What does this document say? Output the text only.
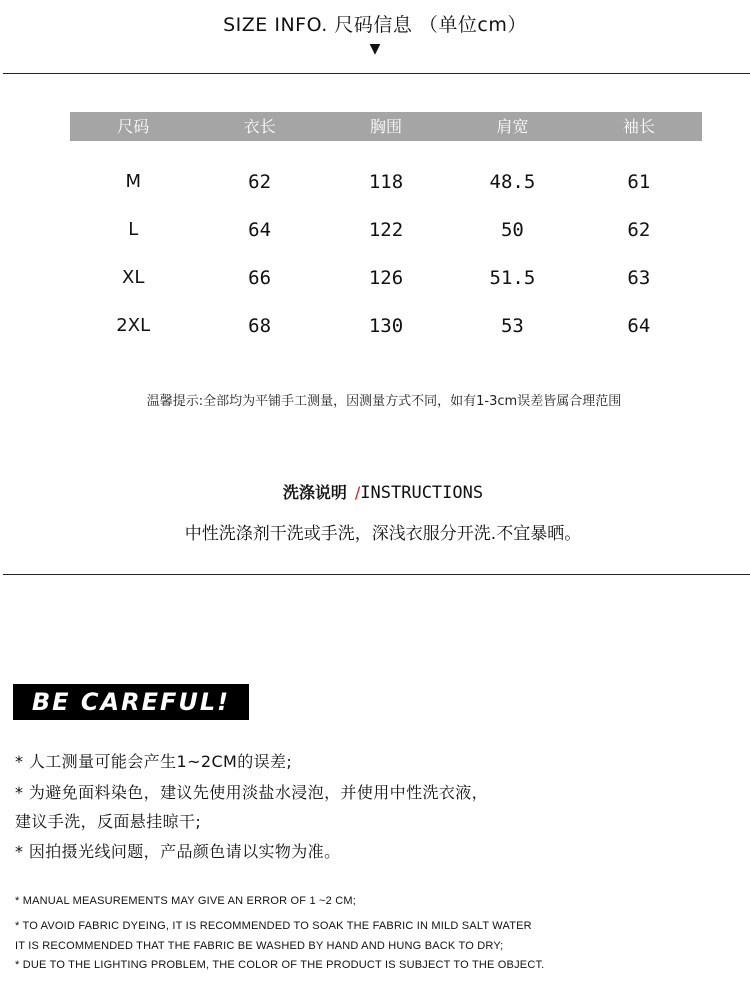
SIZE INFO. 尺码信息 （单位cm）
▼
尺码	衣长	胸围	肩宽	袖长
M	62	118	48.5	61
L	64	122	50	62
XL	66	126	51.5	63
2XL	68	130	53	64
温馨提示:全部均为平铺手工测量，因测量方式不同，如有1-3cm误差皆属合理范围
洗涤说明 /INSTRUCTIONS
中性洗涤剂干洗或手洗，深浅衣服分开洗.不宜暴晒。
BE CAREFUL!
* 人工测量可能会产生1~2CM的误差;
* 为避免面料染色，建议先使用淡盐水浸泡，并使用中性洗衣液，
建议手洗，反面悬挂晾干;
* 因拍摄光线问题，产品颜色请以实物为准。
* MANUAL MEASUREMENTS MAY GIVE AN ERROR OF 1 ~2 CM;
* TO AVOID FABRIC DYEING, IT IS RECOMMENDED TO SOAK THE FABRIC IN MILD SALT WATER
IT IS RECOMMENDED THAT THE FABRIC BE WASHED BY HAND AND HUNG BACK TO DRY;
* DUE TO THE LIGHTING PROBLEM, THE COLOR OF THE PRODUCT IS SUBJECT TO THE OBJECT.
